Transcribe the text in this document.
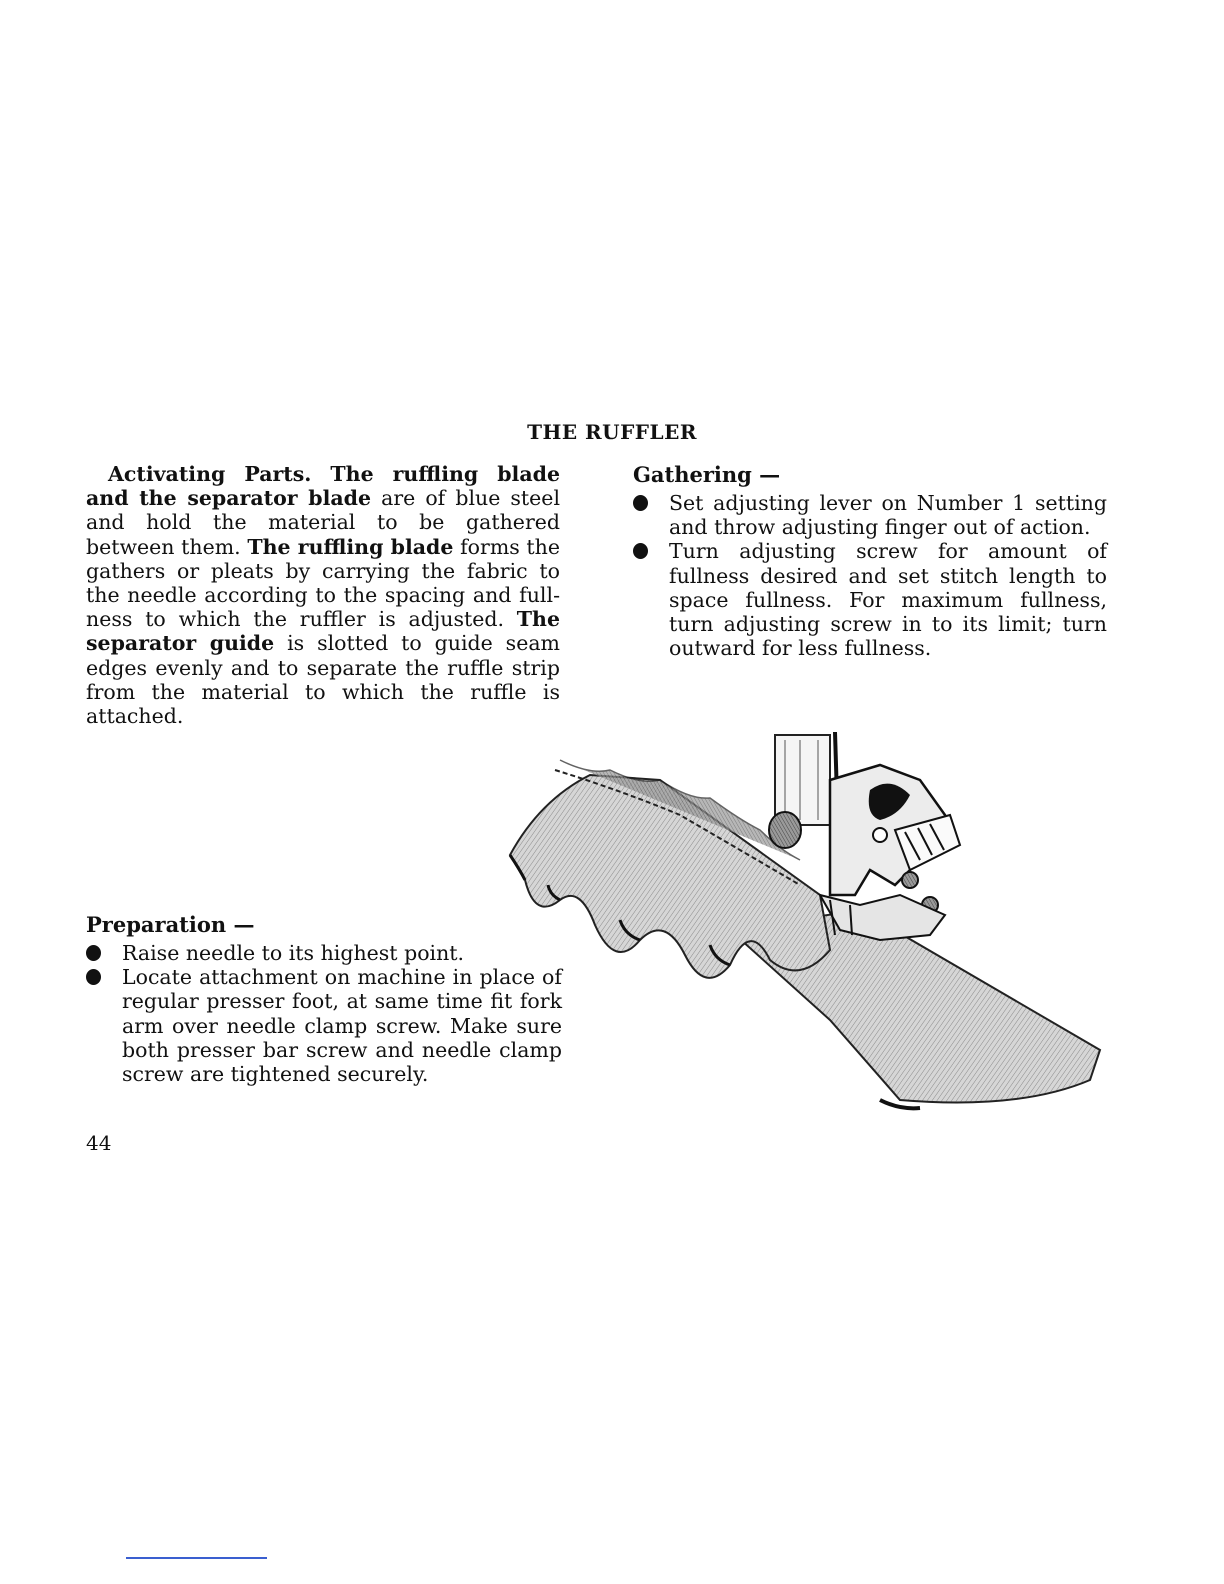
THE RUFFLER

Activating Parts. The ruffling blade and the separator blade are of blue steel and hold the material to be gathered between them. The ruffling blade forms the gathers or pleats by carrying the fabric to the needle according to the spacing and fullness to which the ruffler is adjusted. The separator guide is slotted to guide seam edges evenly and to separate the ruffle strip from the material to which the ruffle is attached.

Gathering —

Set adjusting lever on Number 1 setting and throw adjusting finger out of action.
Turn adjusting screw for amount of fullness desired and set stitch length to space fullness. For maximum fullness, turn adjusting screw in to its limit; turn outward for less fullness.

Preparation —

Raise needle to its highest point.
Locate attachment on machine in place of regular presser foot, at same time fit fork arm over needle clamp screw. Make sure both presser bar screw and needle clamp screw are tightened securely.

44
